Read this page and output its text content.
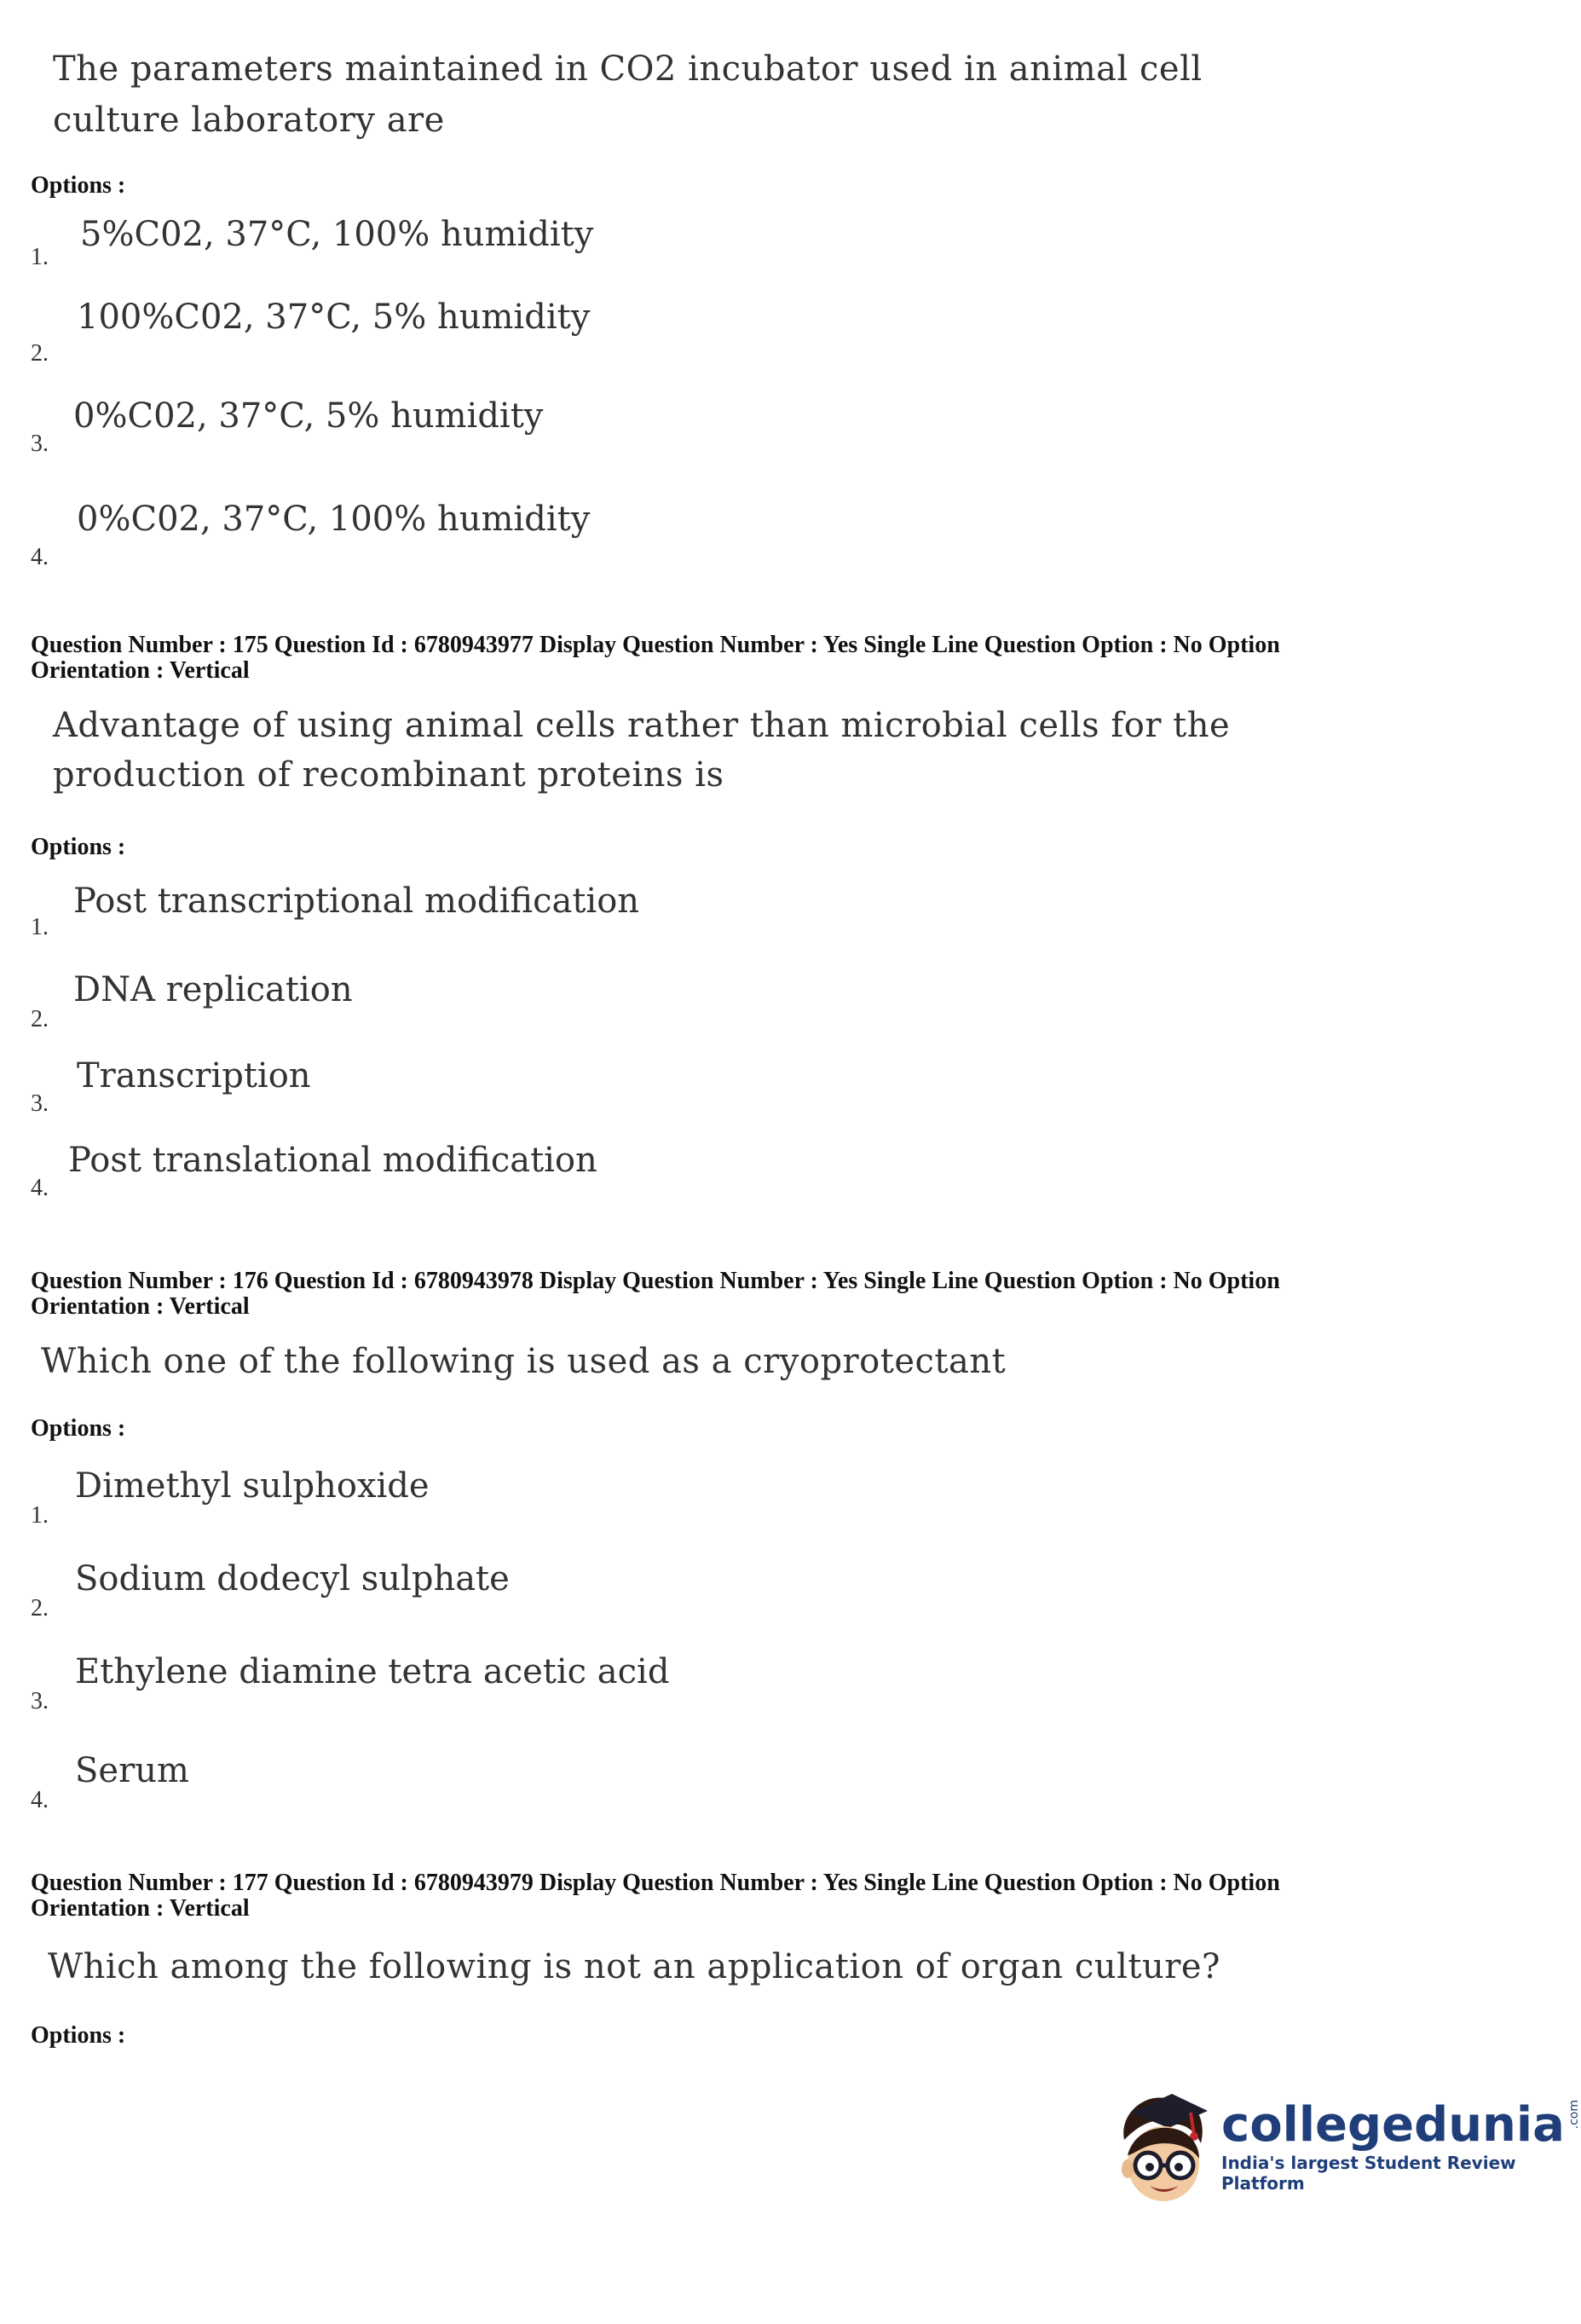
The parameters maintained in CO2 incubator used in animal cell
culture laboratory are
Options :
1.
5%C02, 37°C, 100% humidity
2.
100%C02, 37°C, 5% humidity
3.
0%C02, 37°C, 5% humidity
4.
0%C02, 37°C, 100% humidity
Question Number : 175 Question Id : 6780943977 Display Question Number : Yes Single Line Question Option : No Option
Orientation : Vertical
Advantage of using animal cells rather than microbial cells for the
production of recombinant proteins is
Options :
1.
Post transcriptional modification
2.
DNA replication
3.
Transcription
4.
Post translational modification
Question Number : 176 Question Id : 6780943978 Display Question Number : Yes Single Line Question Option : No Option
Orientation : Vertical
Which one of the following is used as a cryoprotectant
Options :
1.
Dimethyl sulphoxide
2.
Sodium dodecyl sulphate
3.
Ethylene diamine tetra acetic acid
4.
Serum
Question Number : 177 Question Id : 6780943979 Display Question Number : Yes Single Line Question Option : No Option
Orientation : Vertical
Which among the following is not an application of organ culture?
Options :
collegedunia .com
India's largest Student Review Platform
